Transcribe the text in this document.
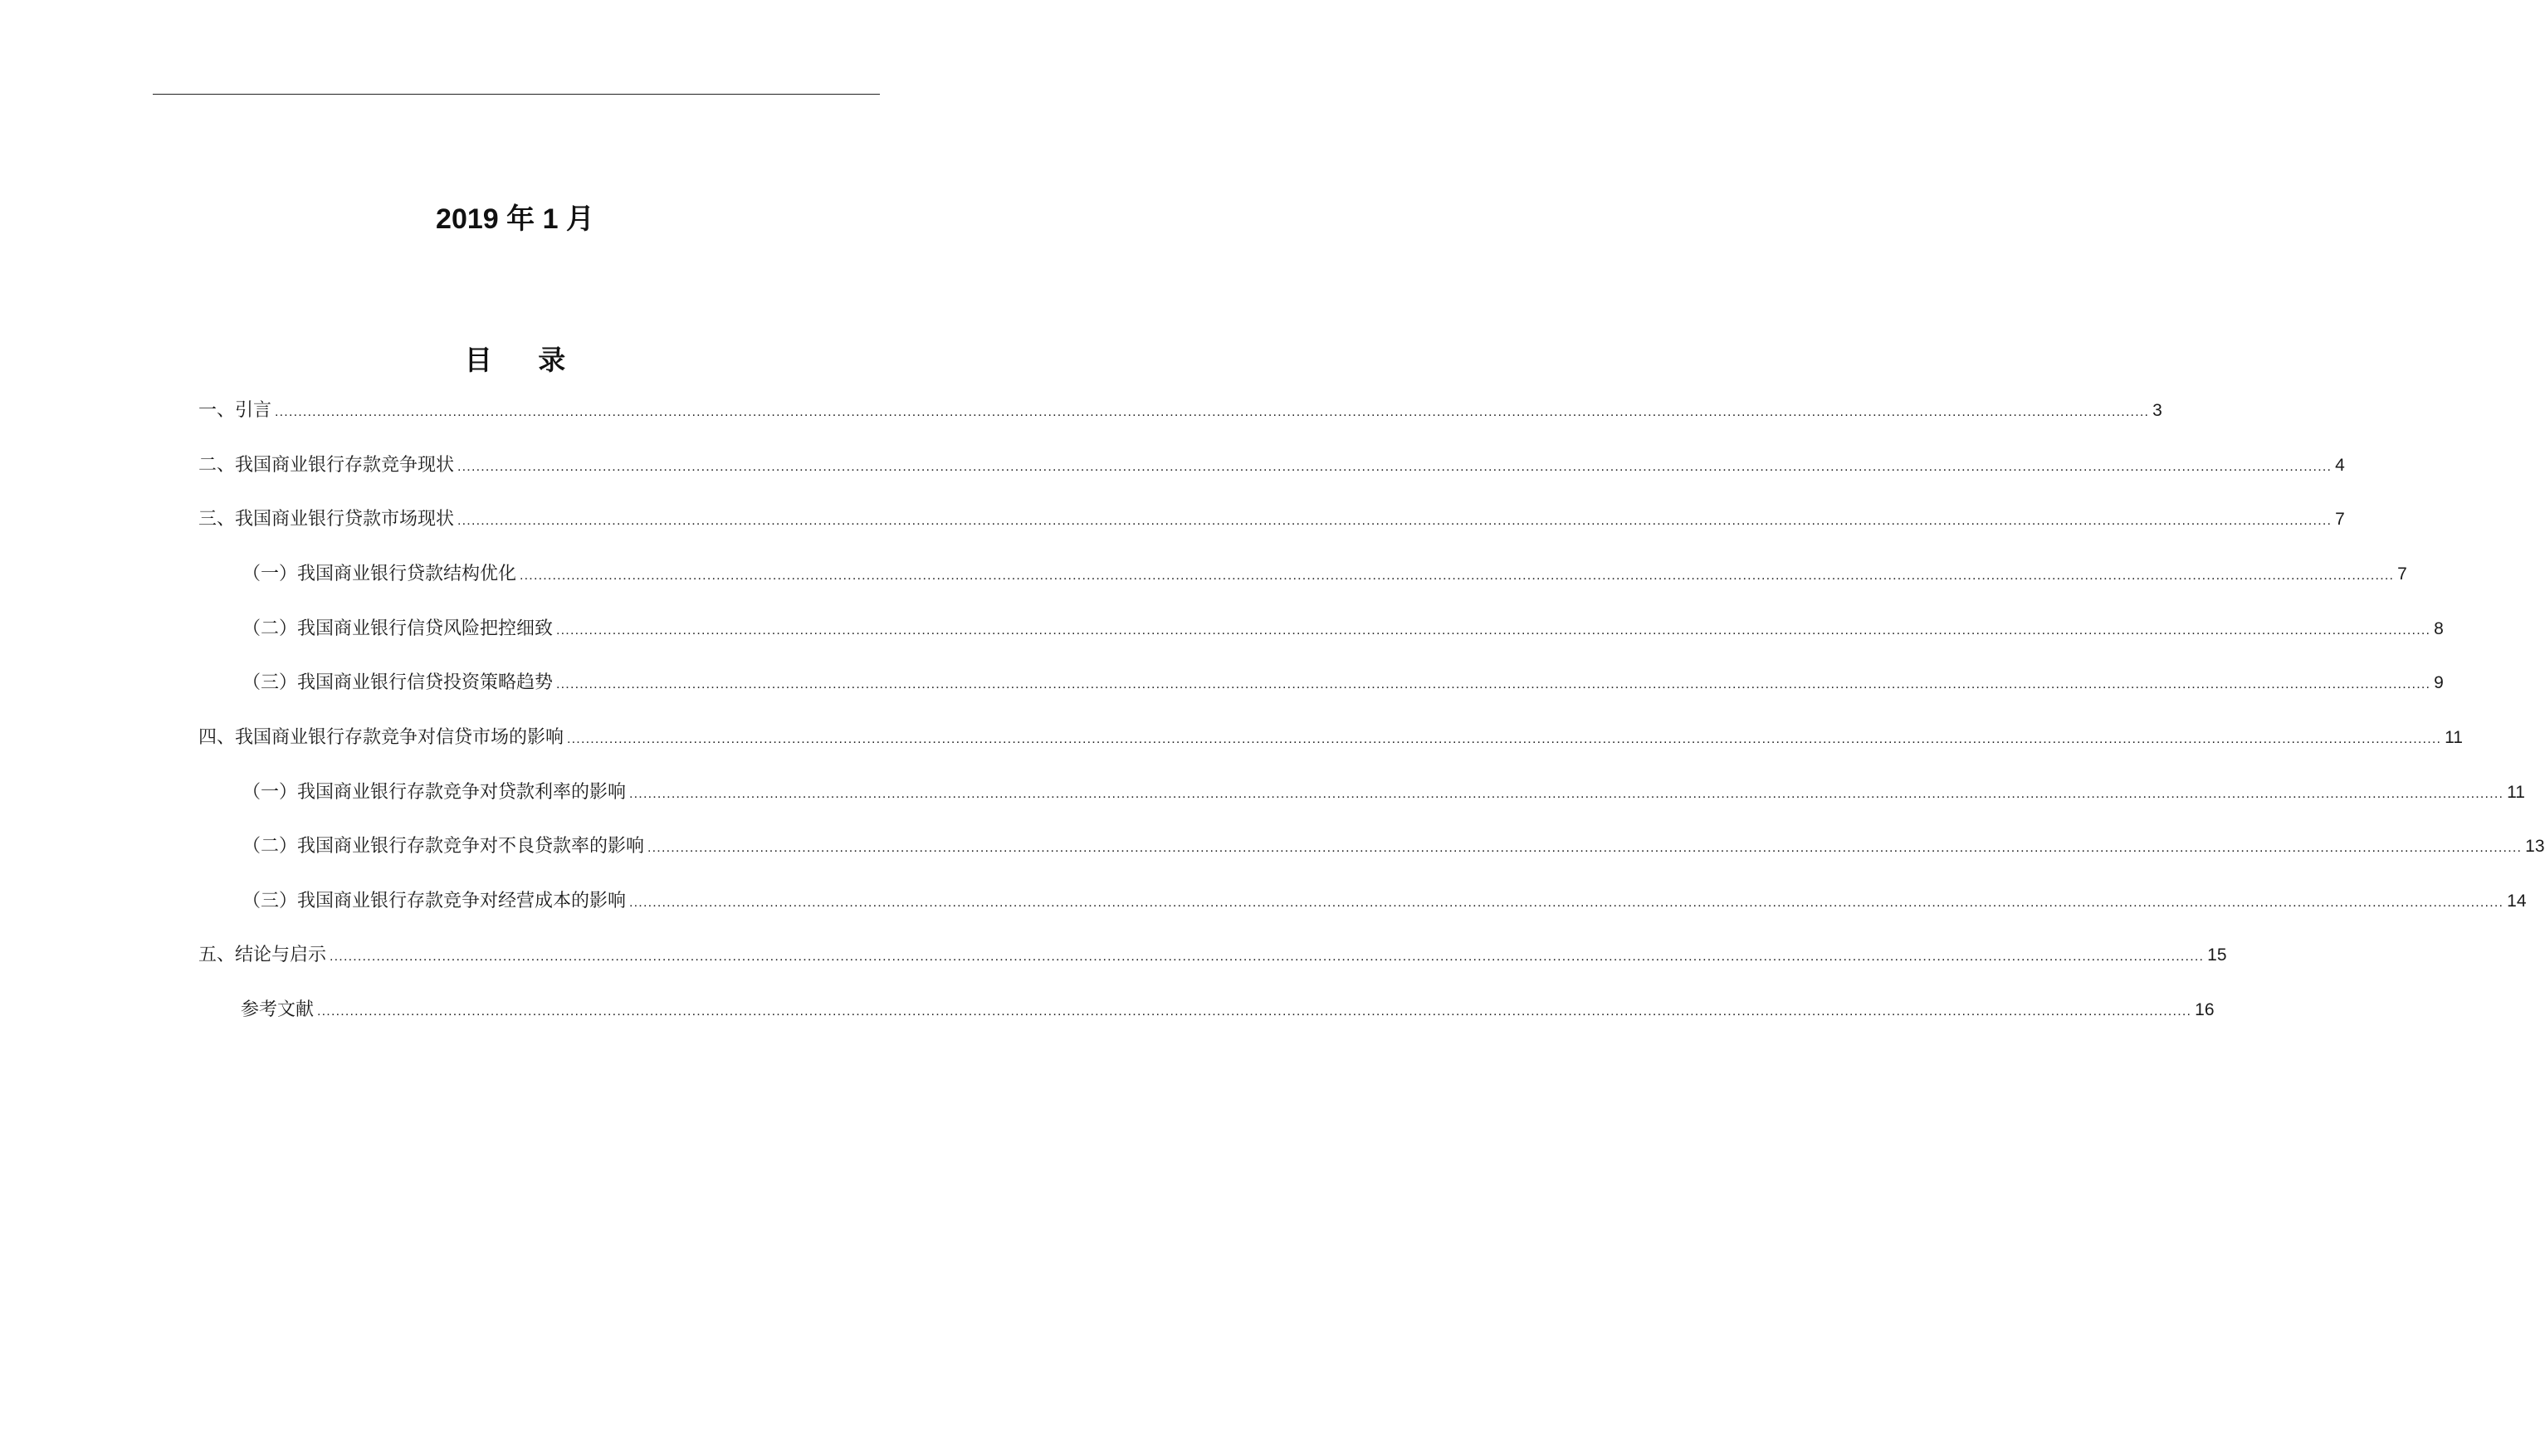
2019 年 1 月
目 录
一、引言 ................................................................................................................................................................................................................................................................................................................................................................................................................ 3
二、我国商业银行存款竞争现状 ................................................................................................................................................................................................................................................................................................................................................................................................................ 4
三、我国商业银行贷款市场现状 ................................................................................................................................................................................................................................................................................................................................................................................................................ 7
（一）我国商业银行贷款结构优化 ................................................................................................................................................................................................................................................................................................................................................................................................................ 7
（二）我国商业银行信贷风险把控细致 ................................................................................................................................................................................................................................................................................................................................................................................................................ 8
（三）我国商业银行信贷投资策略趋势 ................................................................................................................................................................................................................................................................................................................................................................................................................ 9
四、我国商业银行存款竞争对信贷市场的影响 ................................................................................................................................................................................................................................................................................................................................................................................................................ 11
（一）我国商业银行存款竞争对贷款利率的影响 ................................................................................................................................................................................................................................................................................................................................................................................................................ 11
（二）我国商业银行存款竞争对不良贷款率的影响 ................................................................................................................................................................................................................................................................................................................................................................................................................ 13
（三）我国商业银行存款竞争对经营成本的影响 ................................................................................................................................................................................................................................................................................................................................................................................................................ 14
五、结论与启示 ................................................................................................................................................................................................................................................................................................................................................................................................................ 15
参考文献 ................................................................................................................................................................................................................................................................................................................................................................................................................ 16
